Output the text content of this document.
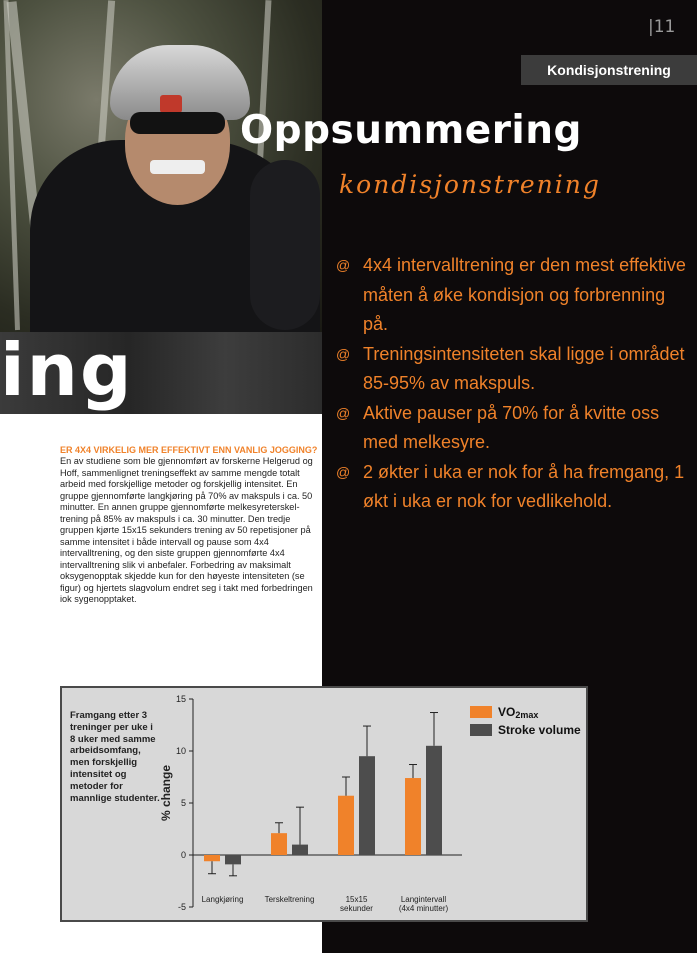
ing
|11
Kondisjonstrening
Oppsummering
kondisjonstrening
@ 4x4 intervalltrening er den mest effektive måten å øke kondisjon og forbrenning på.
@ Treningsintensiteten skal ligge i området 85-95% av makspuls.
@ Aktive pauser på 70% for å kvitte oss med melkesyre.
@ 2 økter i uka er nok for å ha fremgang, 1 økt i uka er nok for vedlikehold.
ER 4X4 VIRKELIG MER EFFEKTIVT ENN VANLIG JOGGING?

En av studiene som ble gjennomført av forskerne Helgerud og Hoff, sammenlignet treningseffekt av samme mengde totalt arbeid med forskjellige metoder og forskjellig intensitet. En gruppe gjennomførte langkjøring på 70% av makspuls i ca. 50 minutter. En annen gruppe gjennomførte melkesyreterskel-trening på 85% av makspuls i ca. 30 minutter. Den tredje gruppen kjørte 15x15 sekunders trening av 50 repetisjoner på samme intensitet i både intervall og pause som 4x4 intervalltrening, og den siste gruppen gjennomførte 4x4 intervalltrening slik vi anbefaler. Forbedring av maksimalt oksygenopptak skjedde kun for den høyeste intensiteten (se figur) og hjertets slagvolum endret seg i takt med forbedringen iok sygenopptaket.

Framgang etter 3 treninger per uke i 8 uker med samme arbeidsomfang, men forskjellig intensitet og metoder for mannlige studenter.
-5
0
5
10
15
% change
Langkjøring	Terskeltrening	15x15 sekunder
Langintervall (4x4 minutter)
VO2max
Stroke volume
